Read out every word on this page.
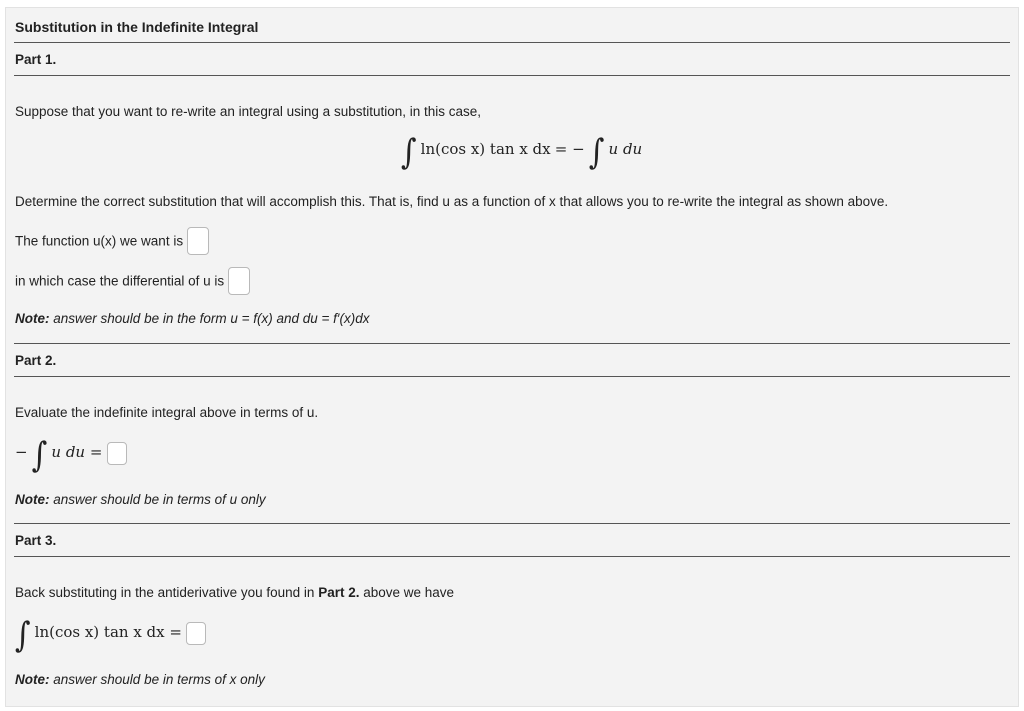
Substitution in the Indefinite Integral
Part 1.
Suppose that you want to re-write an integral using a substitution, in this case,
∫ ln(cos x) tan x dx = − ∫ u du
Determine the correct substitution that will accomplish this. That is, find u as a function of x that allows you to re-write the integral as shown above.
The function u(x) we want is
in which case the differential of u is
Note: answer should be in the form u = f(x) and du = f′(x)dx
Part 2.
Evaluate the indefinite integral above in terms of u.
− ∫ u du =
Note: answer should be in terms of u only
Part 3.
Back substituting in the antiderivative you found in Part 2. above we have
∫ ln(cos x) tan x dx =
Note: answer should be in terms of x only
